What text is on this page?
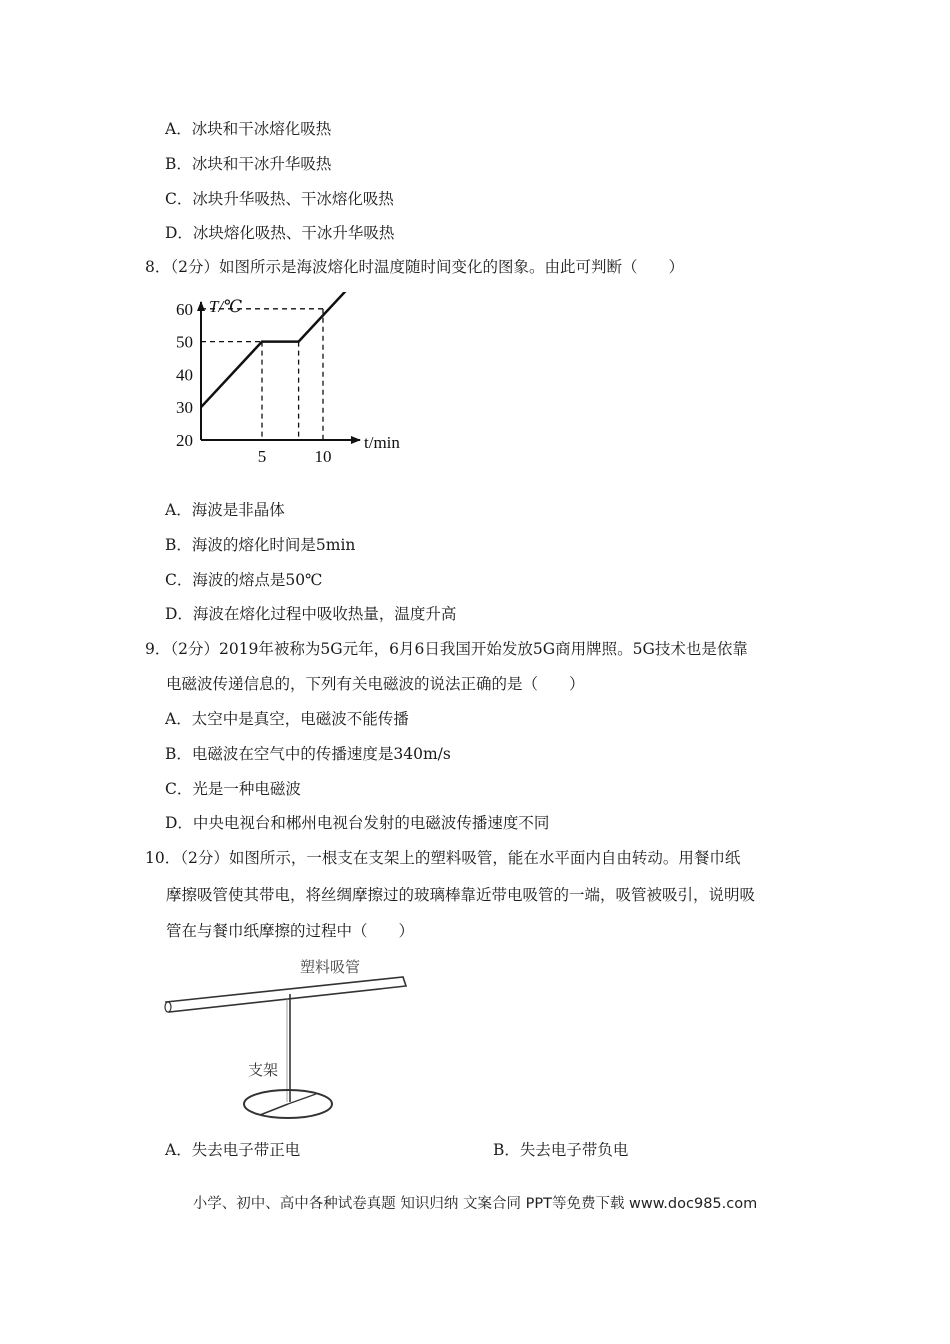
A．冰块和干冰熔化吸热
B．冰块和干冰升华吸热
C．冰块升华吸热、干冰熔化吸热
D．冰块熔化吸热、干冰升华吸热
8．（2分）如图所示是海波熔化时温度随时间变化的图象。由此可判断（　　）
T/℃
t/min
20
30
40
50
60
5	10
A．海波是非晶体
B．海波的熔化时间是5min
C．海波的熔点是50℃
D．海波在熔化过程中吸收热量，温度升高
9．（2分）2019年被称为5G元年，6月6日我国开始发放5G商用牌照。5G技术也是依靠
电磁波传递信息的，下列有关电磁波的说法正确的是（　　）
A．太空中是真空，电磁波不能传播
B．电磁波在空气中的传播速度是340m/s
C．光是一种电磁波
D．中央电视台和郴州电视台发射的电磁波传播速度不同
10．（2分）如图所示，一根支在支架上的塑料吸管，能在水平面内自由转动。用餐巾纸
摩擦吸管使其带电，将丝绸摩擦过的玻璃棒靠近带电吸管的一端，吸管被吸引，说明吸
管在与餐巾纸摩擦的过程中（　　）
塑料吸管
支架
A．失去电子带正电	B．失去电子带负电
小学、初中、高中各种试卷真题 知识归纳 文案合同 PPT等免费下载 www.doc985.com
